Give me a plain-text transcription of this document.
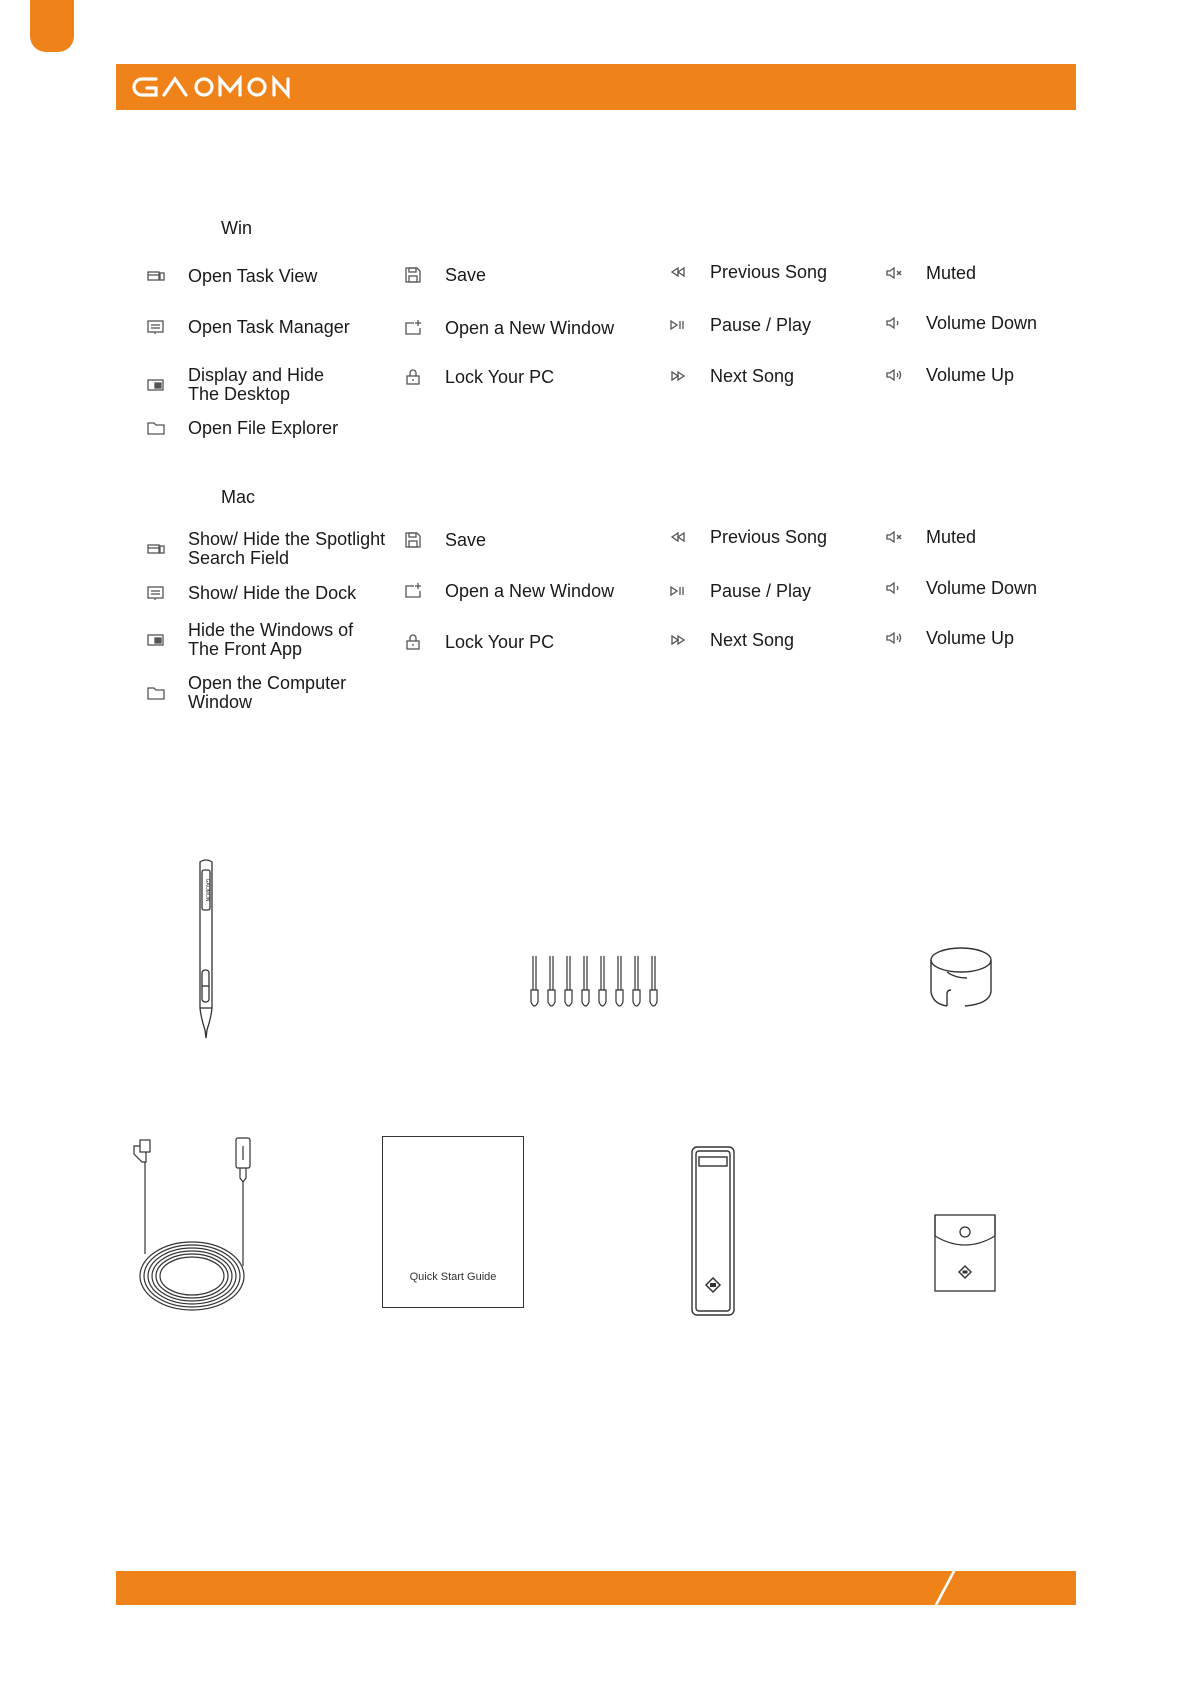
Win
Open Task View
Open Task Manager
Display and Hide
The Desktop
Open File Explorer
Save
Open a New Window
Lock Your PC
Previous Song
Pause / Play
Next Song
Muted
Volume Down
Volume Up
Mac
Show/ Hide the Spotlight
Search Field
Show/ Hide the Dock
Hide the Windows of
The Front App
Open the Computer
Window
Save
Open a New Window
Lock Your PC
Previous Song
Pause / Play
Next Song
Muted
Volume Down
Volume Up
GAOMON
Quick Start Guide
